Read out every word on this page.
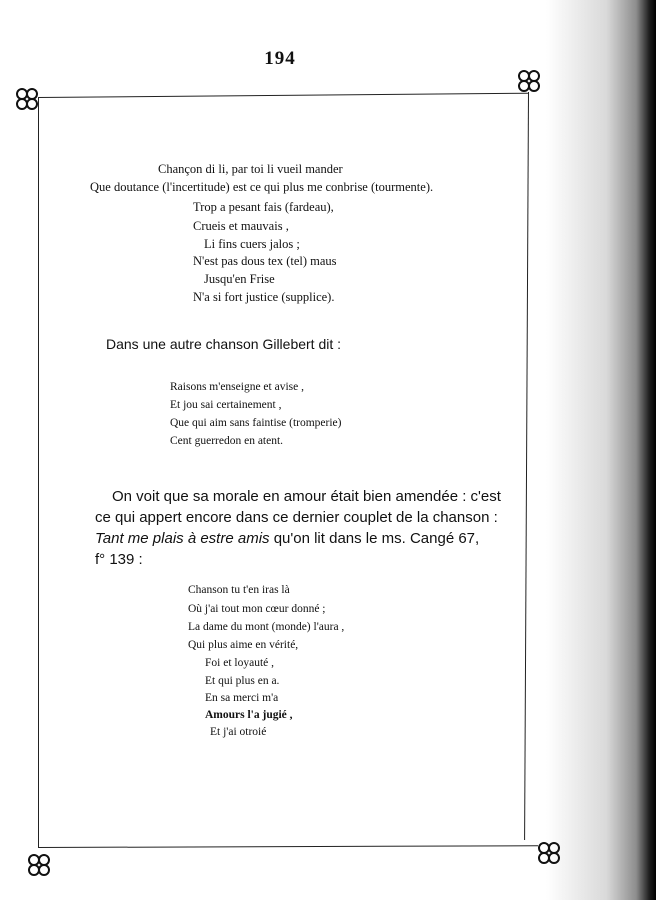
194
Chançon di li, par toi li vueil mander
Que doutance (l'incertitude) est ce qui plus me conbrise (tourmente).
Trop a pesant fais (fardeau),
Crueis et mauvais ,
Li fins cuers jalos ;
N'est pas dous tex (tel) maus
Jusqu'en Frise
N'a si fort justice (supplice).
Dans une autre chanson Gillebert dit :
Raisons m'enseigne et avise ,
Et jou sai certainement ,
Que qui aim sans faintise (tromperie)
Cent guerredon en atent.
On voit que sa morale en amour était bien amendée : c'est
ce qui appert encore dans ce dernier couplet de la chanson :
Tant me plais à estre amis qu'on lit dans le ms. Cangé 67,
f° 139 :
Chanson tu t'en iras là
Où j'ai tout mon cœur donné ;
La dame du mont (monde) l'aura ,
Qui plus aime en vérité,
Foi et loyauté ,
Et qui plus en a.
En sa merci m'a
Amours l'a jugié ,
Et j'ai otroié
